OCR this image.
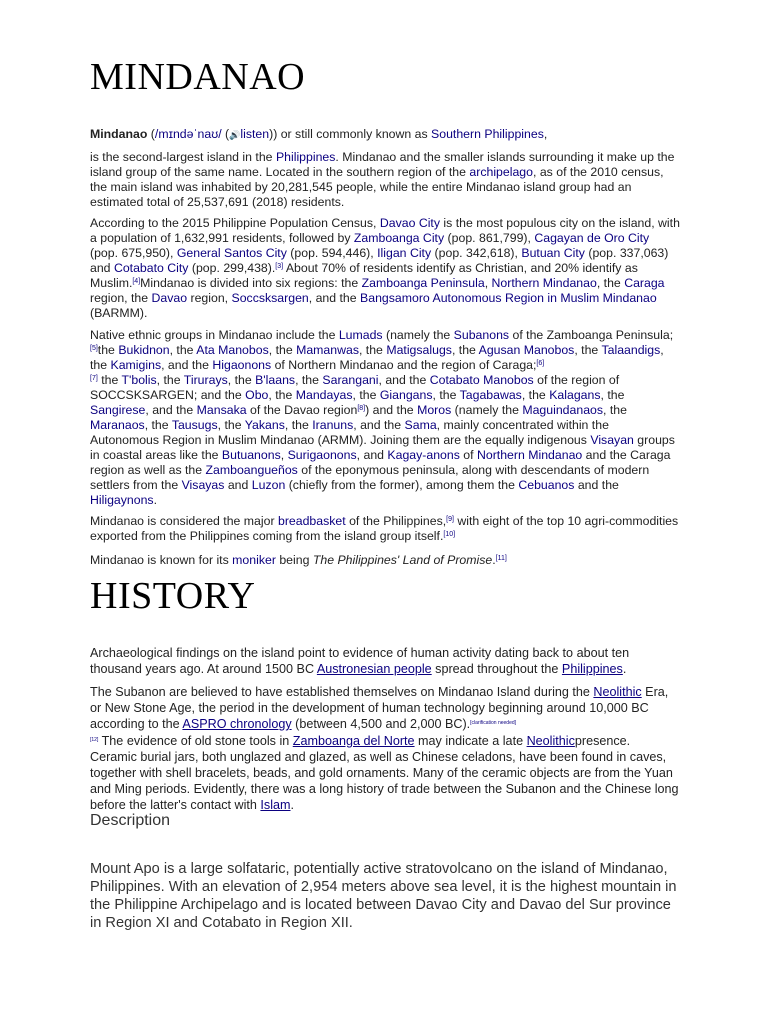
MINDANAO

Mindanao (/mɪndəˈnaʊ/ (🔊listen)) or still commonly known as Southern Philippines,

is the second-largest island in the Philippines. Mindanao and the smaller islands surrounding it make up the island group of the same name. Located in the southern region of the archipelago, as of the 2010 census, the main island was inhabited by 20,281,545 people, while the entire Mindanao island group had an estimated total of 25,537,691 (2018) residents.

According to the 2015 Philippine Population Census, Davao City is the most populous city on the island, with a population of 1,632,991 residents, followed by Zamboanga City (pop. 861,799), Cagayan de Oro City (pop. 675,950), General Santos City (pop. 594,446), Iligan City (pop. 342,618), Butuan City (pop. 337,063) and Cotabato City (pop. 299,438).[3] About 70% of residents identify as Christian, and 20% identify as Muslim.[4]Mindanao is divided into six regions: the Zamboanga Peninsula, Northern Mindanao, the Caraga region, the Davao region, Soccsksargen, and the Bangsamoro Autonomous Region in Muslim Mindanao (BARMM).

Native ethnic groups in Mindanao include the Lumads (namely the Subanons of the Zamboanga Peninsula;[5]the Bukidnon, the Ata Manobos, the Mamanwas, the Matigsalugs, the Agusan Manobos, the Talaandigs, the Kamigins, and the Higaonons of Northern Mindanao and the region of Caraga;[6]
[7] the T'bolis, the Tirurays, the B'laans, the Sarangani, and the Cotabato Manobos of the region of SOCCSKSARGEN; and the Obo, the Mandayas, the Giangans, the Tagabawas, the Kalagans, the Sangirese, and the Mansaka of the Davao region[8]) and the Moros (namely the Maguindanaos, the Maranaos, the Tausugs, the Yakans, the Iranuns, and the Sama, mainly concentrated within the Autonomous Region in Muslim Mindanao (ARMM). Joining them are the equally indigenous Visayan groups in coastal areas like the Butuanons, Surigaonons, and Kagay-anons of Northern Mindanao and the Caraga region as well as the Zamboangueños of the eponymous peninsula, along with descendants of modern settlers from the Visayas and Luzon (chiefly from the former), among them the Cebuanos and the Hiligaynons.

Mindanao is considered the major breadbasket of the Philippines,[9] with eight of the top 10 agri-commodities exported from the Philippines coming from the island group itself.[10]

Mindanao is known for its moniker being The Philippines' Land of Promise.[11]

HISTORY

Archaeological findings on the island point to evidence of human activity dating back to about ten thousand years ago. At around 1500 BC Austronesian people spread throughout the Philippines.

The Subanon are believed to have established themselves on Mindanao Island during the Neolithic Era, or New Stone Age, the period in the development of human technology beginning around 10,000 BC according to the ASPRO chronology (between 4,500 and 2,000 BC).[clarification needed]
[12] The evidence of old stone tools in Zamboanga del Norte may indicate a late Neolithicpresence. Ceramic burial jars, both unglazed and glazed, as well as Chinese celadons, have been found in caves, together with shell bracelets, beads, and gold ornaments. Many of the ceramic objects are from the Yuan and Ming periods. Evidently, there was a long history of trade between the Subanon and the Chinese long before the latter's contact with Islam.

Description

Mount Apo is a large solfataric, potentially active stratovolcano on the island of Mindanao, Philippines. With an elevation of 2,954 meters above sea level, it is the highest mountain in the Philippine Archipelago and is located between Davao City and Davao del Sur province in Region XI and Cotabato in Region XII.
